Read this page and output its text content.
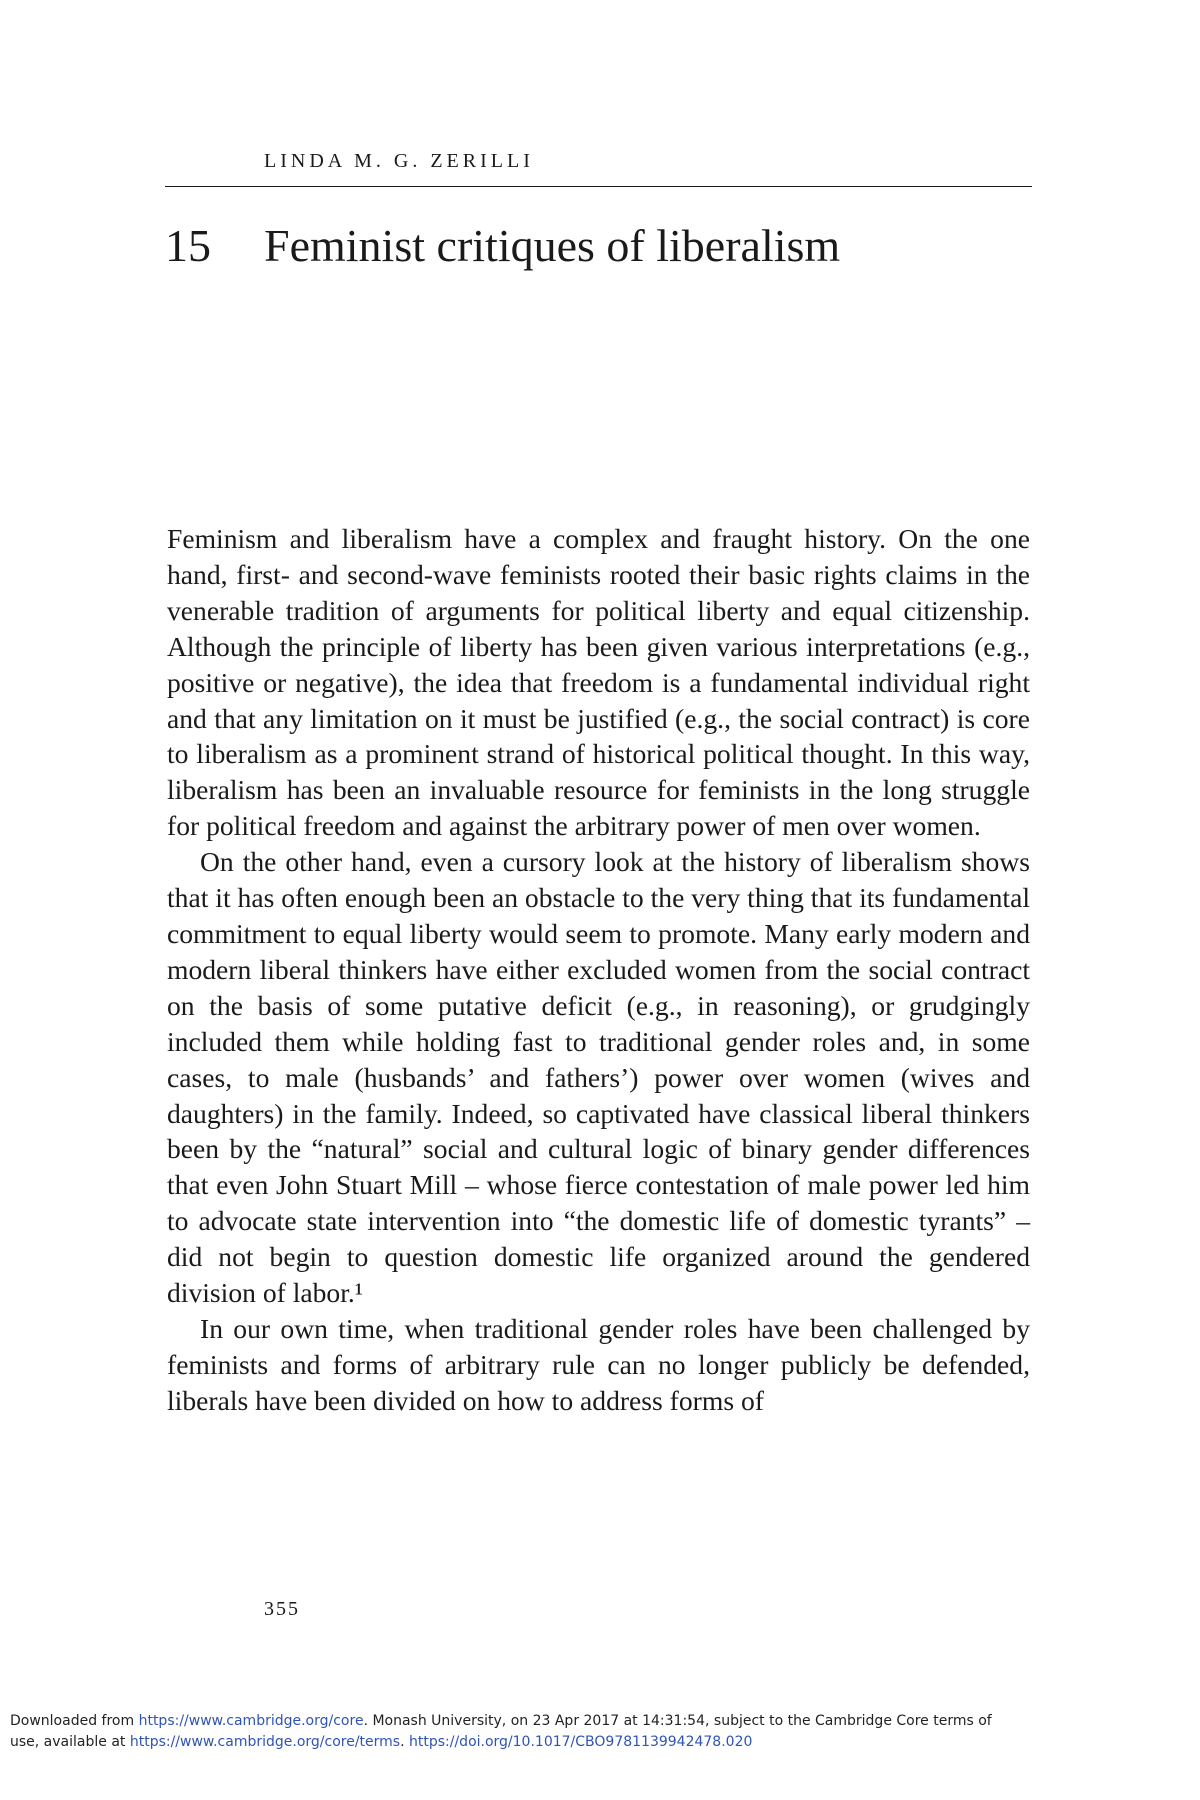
LINDA M. G. ZERILLI
15 Feminist critiques of liberalism

Feminism and liberalism have a complex and fraught history. On the one hand, first- and second-wave feminists rooted their basic rights claims in the venerable tradition of arguments for political liberty and equal citizenship. Although the principle of liberty has been given various interpretations (e.g., positive or negative), the idea that freedom is a fundamental individual right and that any limitation on it must be justified (e.g., the social contract) is core to liberalism as a prominent strand of historical political thought. In this way, liberalism has been an invaluable resource for feminists in the long struggle for political freedom and against the arbitrary power of men over women.

On the other hand, even a cursory look at the history of liberalism shows that it has often enough been an obstacle to the very thing that its fundamental commitment to equal liberty would seem to promote. Many early modern and modern liberal thinkers have either excluded women from the social contract on the basis of some putative deficit (e.g., in reasoning), or grudgingly included them while holding fast to traditional gender roles and, in some cases, to male (husbands’ and fathers’) power over women (wives and daughters) in the family. Indeed, so captivated have classical liberal thinkers been by the “natural” social and cultural logic of binary gender differences that even John Stuart Mill – whose fierce contestation of male power led him to advocate state intervention into “the domestic life of domestic tyrants” – did not begin to question domestic life organized around the gendered division of labor.¹

In our own time, when traditional gender roles have been challenged by feminists and forms of arbitrary rule can no longer publicly be defended, liberals have been divided on how to address forms of

355
Downloaded from https://www.cambridge.org/core. Monash University, on 23 Apr 2017 at 14:31:54, subject to the Cambridge Core terms of
use, available at https://www.cambridge.org/core/terms. https://doi.org/10.1017/CBO9781139942478.020
